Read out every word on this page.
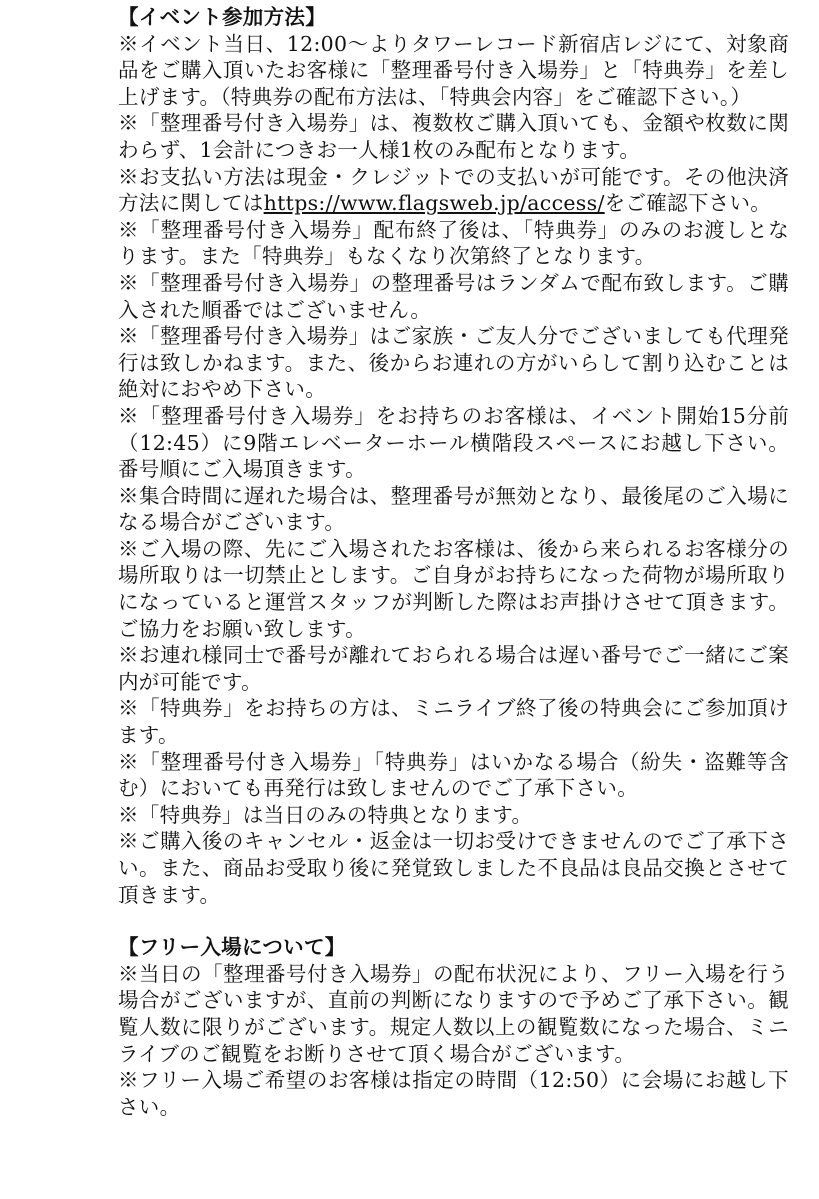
【イベント参加方法】

※イベント当日、12:00〜よりタワーレコード新宿店レジにて、対象商品をご購入頂いたお客様に「整理番号付き入場券」と「特典券」を差し上げます。（特典券の配布方法は、「特典会内容」をご確認下さい。）

※「整理番号付き入場券」は、複数枚ご購入頂いても、金額や枚数に関わらず、1会計につきお一人様1枚のみ配布となります。

※お支払い方法は現金・クレジットでの支払いが可能です。その他決済方法に関してはhttps://www.flagsweb.jp/access/をご確認下さい。

※「整理番号付き入場券」配布終了後は、「特典券」のみのお渡しとなります。また「特典券」もなくなり次第終了となります。

※「整理番号付き入場券」の整理番号はランダムで配布致します。ご購入された順番ではございません。

※「整理番号付き入場券」はご家族・ご友人分でございましても代理発行は致しかねます。また、後からお連れの方がいらして割り込むことは絶対におやめ下さい。

※「整理番号付き入場券」をお持ちのお客様は、イベント開始15分前（12:45）に9階エレベーターホール横階段スペースにお越し下さい。番号順にご入場頂きます。

※集合時間に遅れた場合は、整理番号が無効となり、最後尾のご入場になる場合がございます。

※ご入場の際、先にご入場されたお客様は、後から来られるお客様分の場所取りは一切禁止とします。ご自身がお持ちになった荷物が場所取りになっていると運営スタッフが判断した際はお声掛けさせて頂きます。ご協力をお願い致します。

※お連れ様同士で番号が離れておられる場合は遅い番号でご一緒にご案内が可能です。

※「特典券」をお持ちの方は、ミニライブ終了後の特典会にご参加頂けます。

※「整理番号付き入場券」「特典券」はいかなる場合（紛失・盗難等含む）においても再発行は致しませんのでご了承下さい。

※「特典券」は当日のみの特典となります。

※ご購入後のキャンセル・返金は一切お受けできませんのでご了承下さい。また、商品お受取り後に発覚致しました不良品は良品交換とさせて頂きます。

【フリー入場について】

※当日の「整理番号付き入場券」の配布状況により、フリー入場を行う場合がございますが、直前の判断になりますので予めご了承下さい。観覧人数に限りがございます。規定人数以上の観覧数になった場合、ミニライブのご観覧をお断りさせて頂く場合がございます。

※フリー入場ご希望のお客様は指定の時間（12:50）に会場にお越し下さい。
